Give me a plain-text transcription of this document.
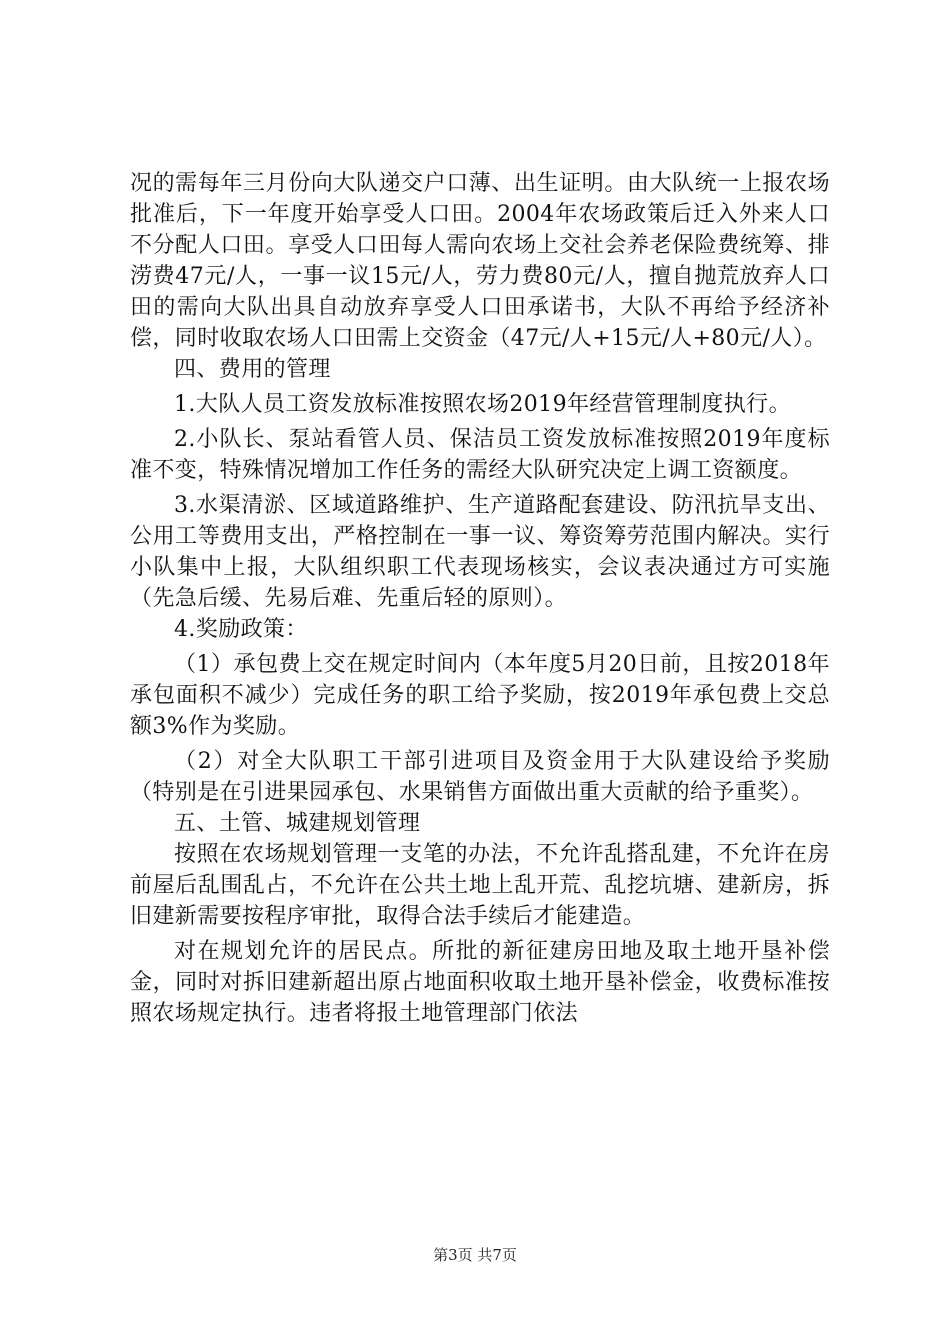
况的需每年三月份向大队递交户口薄、出生证明。由大队统一上报农场批准后，下一年度开始享受人口田。2004年农场政策后迁入外来人口不分配人口田。享受人口田每人需向农场上交社会养老保险费统筹、排涝费47元/人，一事一议15元/人，劳力费80元/人，擅自抛荒放弃人口田的需向大队出具自动放弃享受人口田承诺书，大队不再给予经济补偿，同时收取农场人口田需上交资金（47元/人+15元/人+80元/人）。

四、费用的管理

1.大队人员工资发放标准按照农场2019年经营管理制度执行。

2.小队长、泵站看管人员、保洁员工资发放标准按照2019年度标准不变，特殊情况增加工作任务的需经大队研究决定上调工资额度。

3.水渠清淤、区域道路维护、生产道路配套建设、防汛抗旱支出、公用工等费用支出，严格控制在一事一议、筹资筹劳范围内解决。实行小队集中上报，大队组织职工代表现场核实，会议表决通过方可实施（先急后缓、先易后难、先重后轻的原则）。

4.奖励政策：

（1）承包费上交在规定时间内（本年度5月20日前，且按2018年承包面积不减少）完成任务的职工给予奖励，按2019年承包费上交总额3%作为奖励。

（2）对全大队职工干部引进项目及资金用于大队建设给予奖励（特别是在引进果园承包、水果销售方面做出重大贡献的给予重奖）。

五、土管、城建规划管理

按照在农场规划管理一支笔的办法，不允许乱搭乱建，不允许在房前屋后乱围乱占，不允许在公共土地上乱开荒、乱挖坑塘、建新房，拆旧建新需要按程序审批，取得合法手续后才能建造。

对在规划允许的居民点。所批的新征建房田地及取土地开垦补偿金，同时对拆旧建新超出原占地面积收取土地开垦补偿金，收费标准按照农场规定执行。违者将报土地管理部门依法

第3页 共7页
